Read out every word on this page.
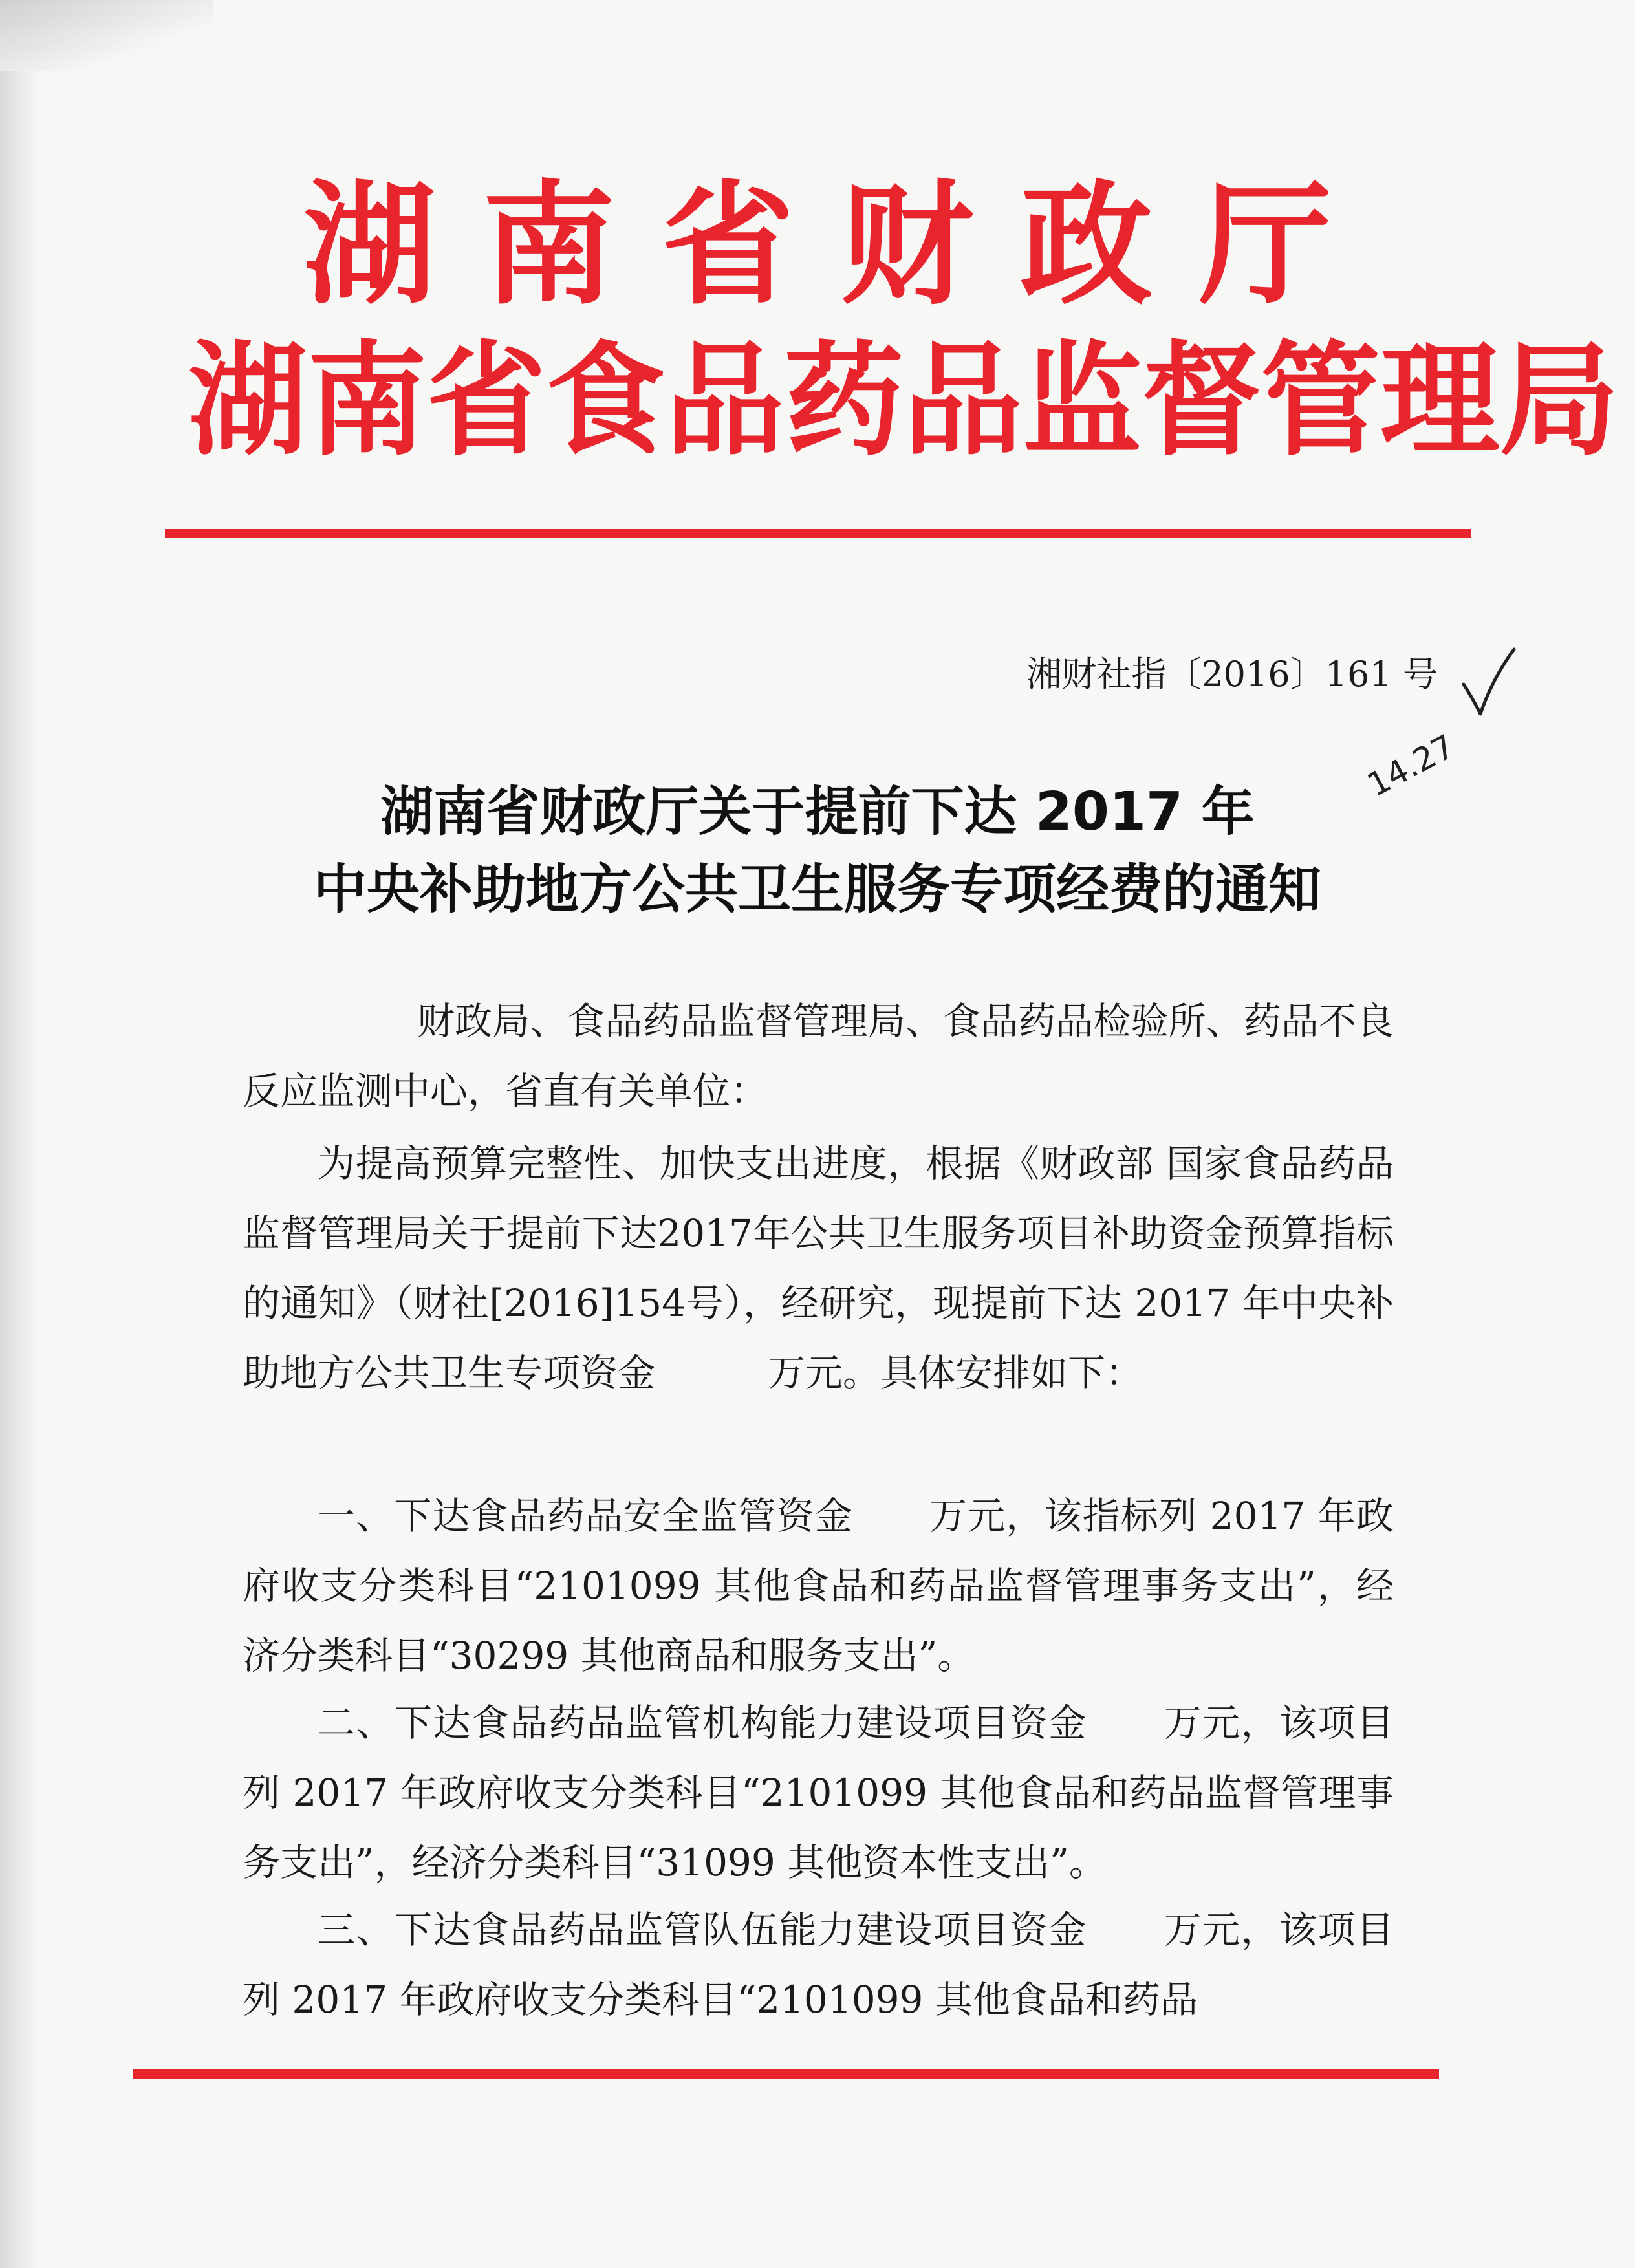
湖南省财政厅
湖南省食品药品监督管理局
湘财社指〔2016〕161 号
14.27
湖南省财政厅关于提前下达 2017 年
中央补助地方公共卫生服务专项经费的通知
财政局、食品药品监督管理局、食品药品检验所、药品不良反应监测中心，省直有关单位：
为提高预算完整性、加快支出进度，根据《财政部 国家食品药品监督管理局关于提前下达2017年公共卫生服务项目补助资金预算指标的通知》（财社[2016]154号），经研究，现提前下达 2017 年中央补助地方公共卫生专项资金　　　万元。具体安排如下：
一、下达食品药品安全监管资金　　万元，该指标列 2017 年政府收支分类科目“2101099 其他食品和药品监督管理事务支出”，经济分类科目“30299 其他商品和服务支出”。
二、下达食品药品监管机构能力建设项目资金　　万元，该项目列 2017 年政府收支分类科目“2101099 其他食品和药品监督管理事务支出”，经济分类科目“31099 其他资本性支出”。
三、下达食品药品监管队伍能力建设项目资金　　万元，该项目列 2017 年政府收支分类科目“2101099 其他食品和药品
